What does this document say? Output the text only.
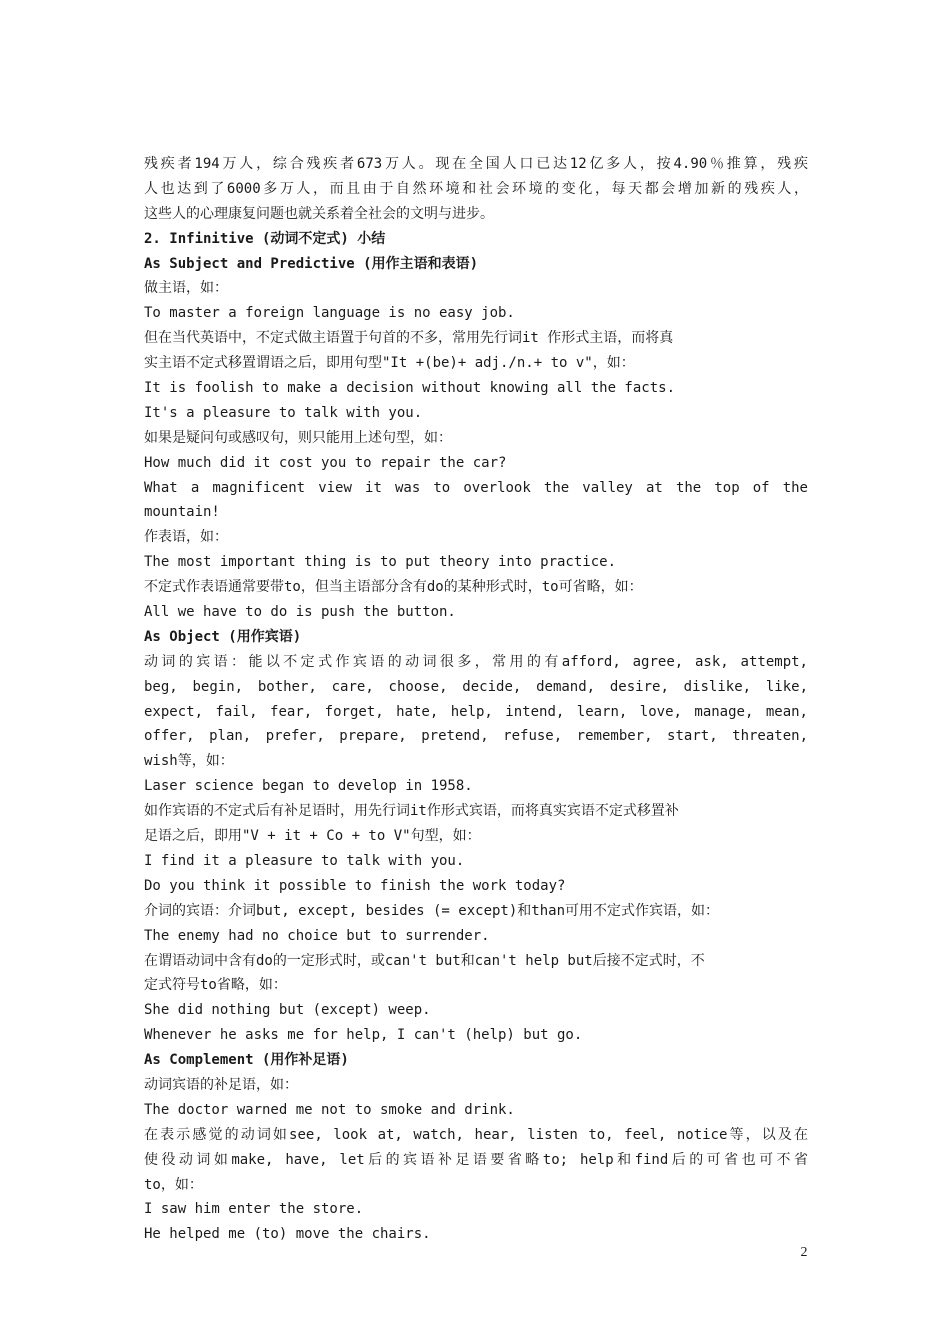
残疾者194万人，综合残疾者673万人。现在全国人口已达12亿多人，按4.90％推算，残疾
人也达到了6000多万人，而且由于自然环境和社会环境的变化，每天都会增加新的残疾人，
这些人的心理康复问题也就关系着全社会的文明与进步。
2. Infinitive (动词不定式) 小结
As Subject and Predictive (用作主语和表语)
做主语，如：
To master a foreign language is no easy job.
但在当代英语中，不定式做主语置于句首的不多，常用先行词it 作形式主语，而将真
实主语不定式移置谓语之后，即用句型"It +(be)+ adj./n.+ to v"，如：
It is foolish to make a decision without knowing all the facts.
It's a pleasure to talk with you.
如果是疑问句或感叹句，则只能用上述句型，如：
How much did it cost you to repair the car?
What a magnificent view it was to overlook the valley at the top of the
mountain!
作表语，如：
The most important thing is to put theory into practice.
不定式作表语通常要带to，但当主语部分含有do的某种形式时，to可省略，如：
All we have to do is push the button.
As Object (用作宾语)
动词的宾语：能以不定式作宾语的动词很多，常用的有afford, agree, ask, attempt,
beg, begin, bother, care, choose, decide, demand, desire, dislike, like,
expect, fail, fear, forget, hate, help, intend, learn, love, manage, mean,
offer, plan, prefer, prepare, pretend, refuse, remember, start, threaten,
wish等，如：
Laser science began to develop in 1958.
如作宾语的不定式后有补足语时，用先行词it作形式宾语，而将真实宾语不定式移置补
足语之后，即用"V + it + Co + to V"句型，如：
I find it a pleasure to talk with you.
Do you think it possible to finish the work today?
介词的宾语：介词but, except, besides (= except)和than可用不定式作宾语，如：
The enemy had no choice but to surrender.
在谓语动词中含有do的一定形式时，或can't but和can't help but后接不定式时，不
定式符号to省略，如：
She did nothing but (except) weep.
Whenever he asks me for help, I can't (help) but go.
As Complement (用作补足语)
动词宾语的补足语，如：
The doctor warned me not to smoke and drink.
在表示感觉的动词如see, look at, watch, hear, listen to, feel, notice等，以及在
使役动词如make, have, let后的宾语补足语要省略to; help和find后的可省也可不省
to，如：
I saw him enter the store.
He helped me (to) move the chairs.
2
